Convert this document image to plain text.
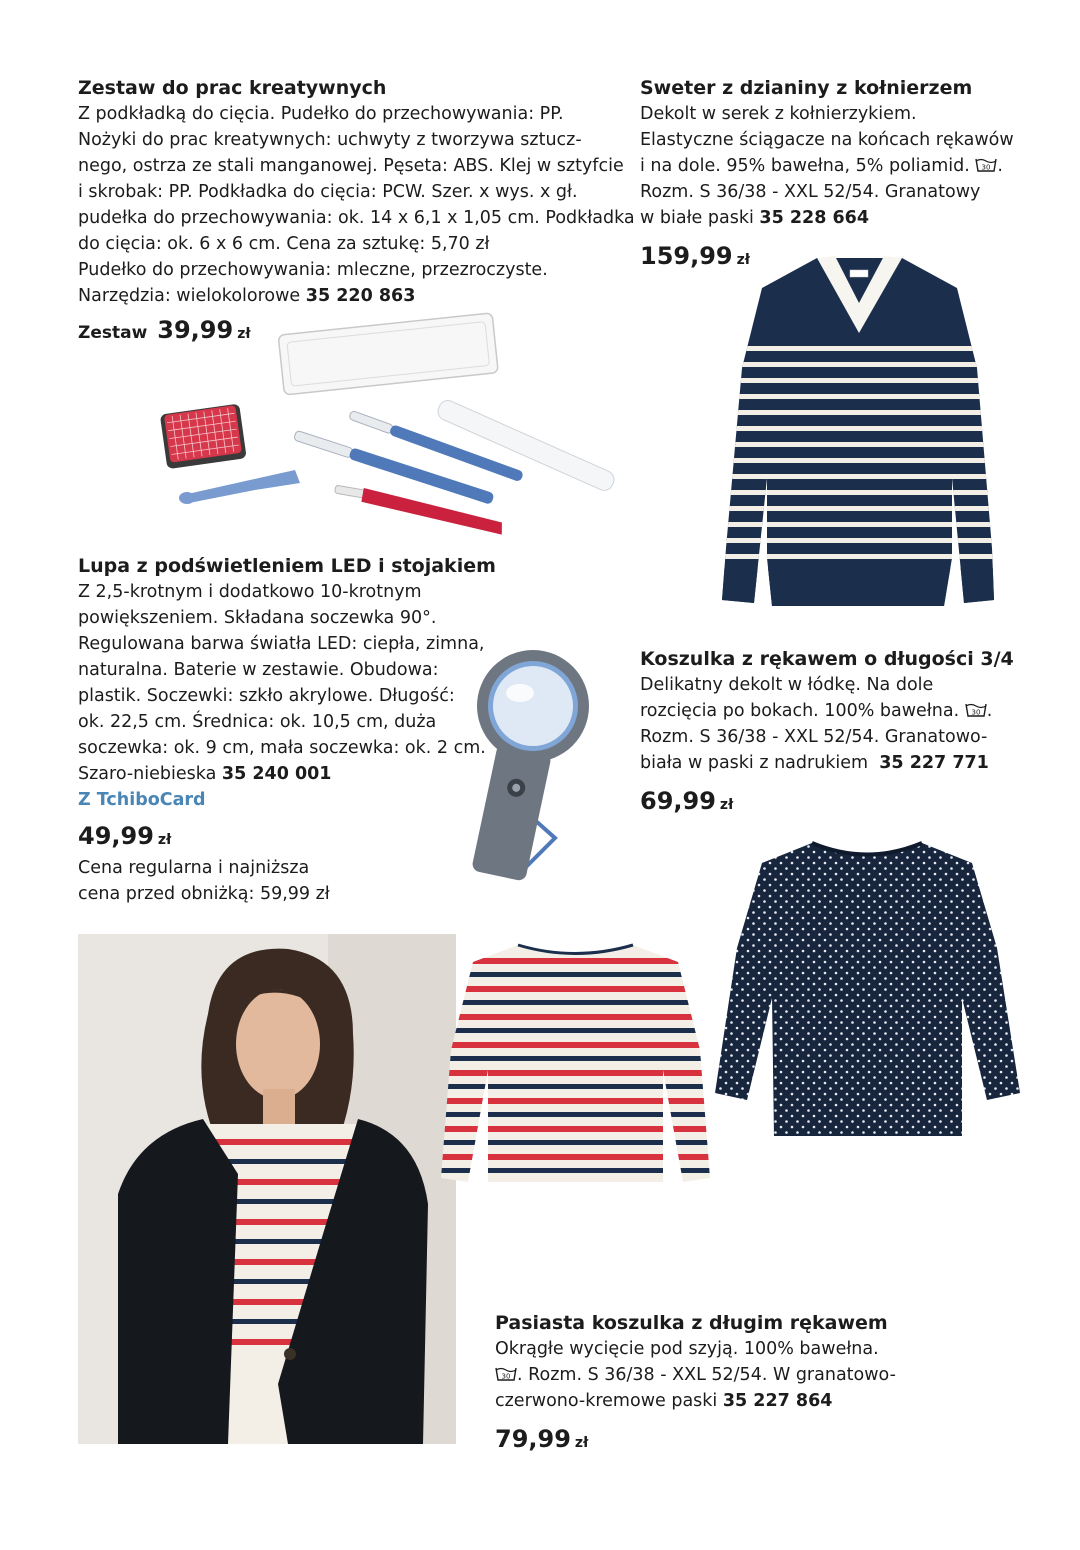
Zestaw do prac kreatywnych
Z podkładką do cięcia. Pudełko do przechowywania: PP.
Nożyki do prac kreatywnych: uchwyty z tworzywa sztucz-
nego, ostrza ze stali manganowej. Pęseta: ABS. Klej w sztyfcie
i skrobak: PP. Podkładka do cięcia: PCW. Szer. x wys. x gł.
pudełka do przechowywania: ok. 14 x 6,1 x 1,05 cm. Podkładka
do cięcia: ok. 6 x 6 cm. Cena za sztukę: 5,70 zł
Pudełko do przechowywania: mleczne, przezroczyste.
Narzędzia: wielokolorowe 35 220 863
Zestaw 39,99 zł
Sweter z dzianiny z kołnierzem
Dekolt w serek z kołnierzykiem.
Elastyczne ściągacze na końcach rękawów
i na dole. 95% bawełna, 5% poliamid. 30 .
Rozm. S 36/38 - XXL 52/54. Granatowy
w białe paski 35 228 664
159,99 zł
Lupa z podświetleniem LED i stojakiem
Z 2,5-krotnym i dodatkowo 10-krotnym
powiększeniem. Składana soczewka 90°.
Regulowana barwa światła LED: ciepła, zimna,
naturalna. Baterie w zestawie. Obudowa:
plastik. Soczewki: szkło akrylowe. Długość:
ok. 22,5 cm. Średnica: ok. 10,5 cm, duża
soczewka: ok. 9 cm, mała soczewka: ok. 2 cm.
Szaro-niebieska 35 240 001
Z TchiboCard
49,99 zł
Cena regularna i najniższa
cena przed obniżką: 59,99 zł
Koszulka z rękawem o długości 3/4
Delikatny dekolt w łódkę. Na dole
rozcięcia po bokach. 100% bawełna. 30 .
Rozm. S 36/38 - XXL 52/54. Granatowo-
biała w paski z nadrukiem 35 227 771
69,99 zł
Pasiasta koszulka z długim rękawem
Okrągłe wycięcie pod szyją. 100% bawełna.
30 . Rozm. S 36/38 - XXL 52/54. W granatowo-
czerwono-kremowe paski 35 227 864
79,99 zł
